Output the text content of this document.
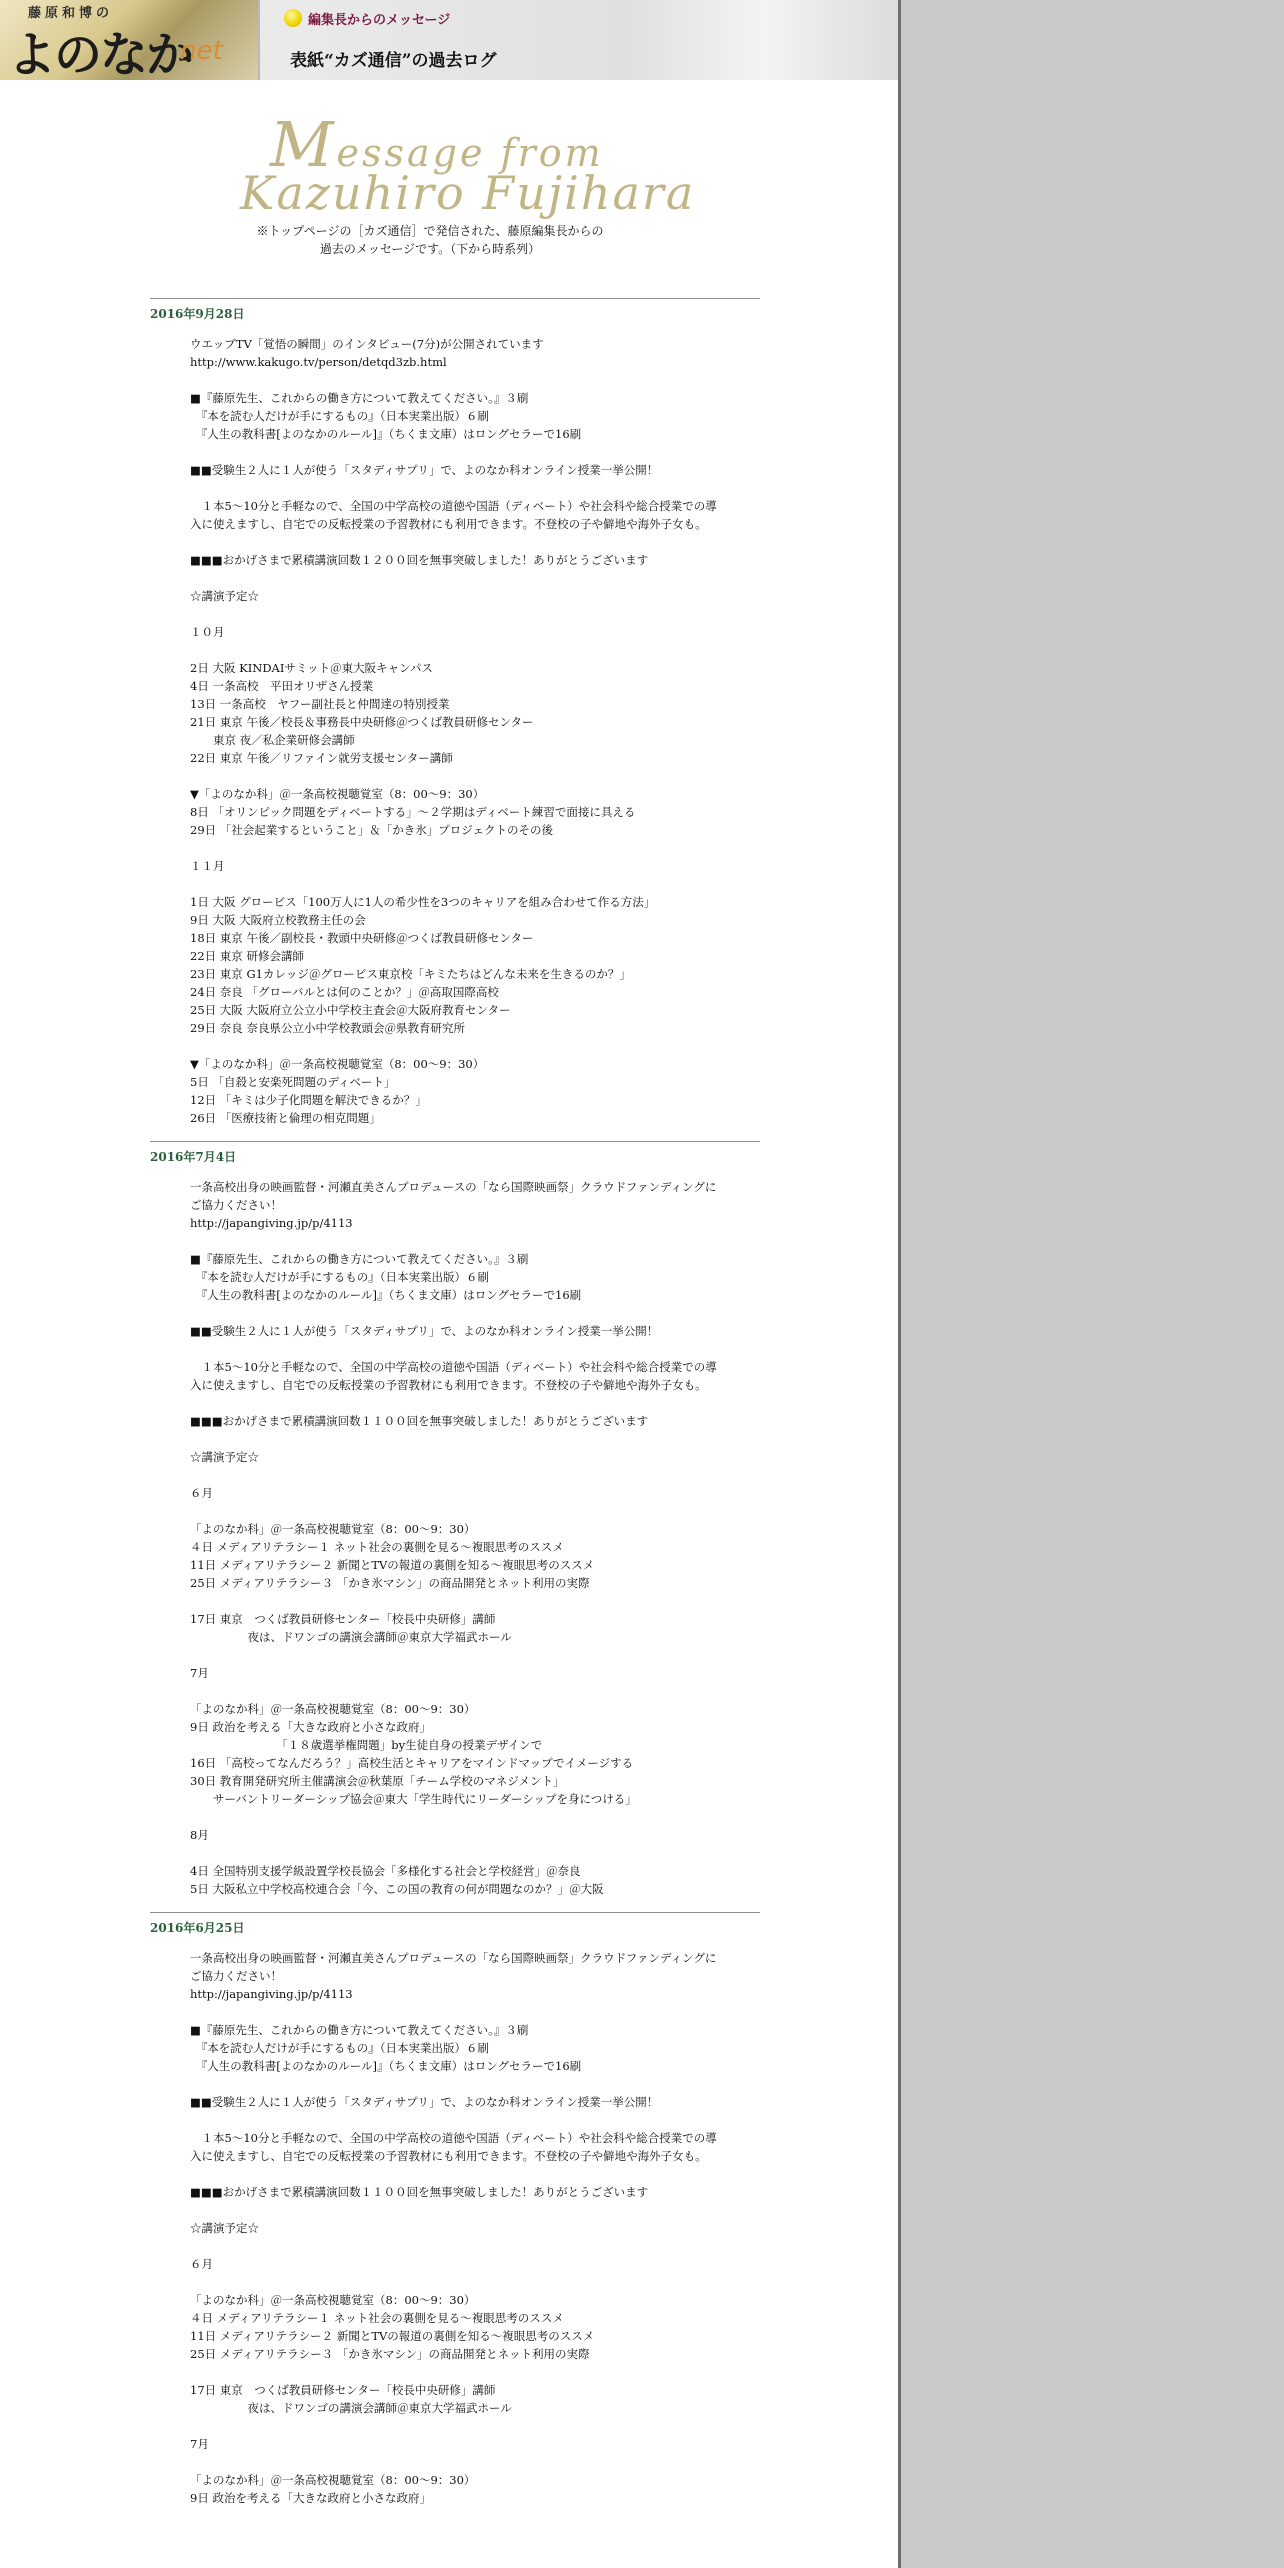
藤原和博の
よのなか
net
編集長からのメッセージ
表紙“カズ通信”の過去ログ
Message from
Kazuhiro Fujihara
※トップページの［カズ通信］で発信された、藤原編集長からの
過去のメッセージです。（下から時系列）
2016年9月28日
ウエッブTV「覚悟の瞬間」のインタビュー(7分)が公開されています
http://www.kakugo.tv/person/detqd3zb.html
■『藤原先生、これからの働き方について教えてください。』３刷
　『本を読む人だけが手にするもの』（日本実業出版）６刷
　『人生の教科書[よのなかのルール]』（ちくま文庫）はロングセラーで16刷
■■受験生２人に１人が使う「スタディサプリ」で、よのなか科オンライン授業一挙公開！
　１本5～10分と手軽なので、全国の中学高校の道徳や国語（ディベート）や社会科や総合授業での導入に使えますし、自宅での反転授業の予習教材にも利用できます。不登校の子や僻地や海外子女も。
■■■おかげさまで累積講演回数１２００回を無事突破しました！ありがとうございます
☆講演予定☆
１０月
2日 大阪 KINDAIサミット＠東大阪キャンパス
4日 一条高校　平田オリザさん授業
13日 一条高校　ヤフー副社長と仲間達の特別授業
21日 東京 午後／校長＆事務長中央研修＠つくば教員研修センター
　　東京 夜／私企業研修会講師
22日 東京 午後／リファイン就労支援センター講師
▼「よのなか科」＠一条高校視聴覚室（8：00～9：30）
8日 「オリンピック問題をディベートする」～２学期はディベート練習で面接に具える
29日 「社会起業するということ」＆「かき氷」プロジェクトのその後
１１月
1日 大阪 グロービス「100万人に1人の希少性を3つのキャリアを組み合わせて作る方法」
9日 大阪 大阪府立校教務主任の会
18日 東京 午後／副校長・教頭中央研修＠つくば教員研修センター
22日 東京 研修会講師
23日 東京 G1カレッジ＠グロービス東京校「キミたちはどんな未来を生きるのか？」
24日 奈良 「グローバルとは何のことか？」＠高取国際高校
25日 大阪 大阪府立公立小中学校主査会＠大阪府教育センター
29日 奈良 奈良県公立小中学校教頭会＠県教育研究所
▼「よのなか科」＠一条高校視聴覚室（8：00～9：30）
5日 「自殺と安楽死問題のディベート」
12日 「キミは少子化問題を解決できるか？」
26日 「医療技術と倫理の相克問題」
2016年7月4日
一条高校出身の映画監督・河瀬直美さんプロデュースの「なら国際映画祭」クラウドファンディングにご協力ください！
http://japangiving.jp/p/4113
■『藤原先生、これからの働き方について教えてください。』３刷
　『本を読む人だけが手にするもの』（日本実業出版）６刷
　『人生の教科書[よのなかのルール]』（ちくま文庫）はロングセラーで16刷
■■受験生２人に１人が使う「スタディサプリ」で、よのなか科オンライン授業一挙公開！
　１本5～10分と手軽なので、全国の中学高校の道徳や国語（ディベート）や社会科や総合授業での導入に使えますし、自宅での反転授業の予習教材にも利用できます。不登校の子や僻地や海外子女も。
■■■おかげさまで累積講演回数１１００回を無事突破しました！ありがとうございます
☆講演予定☆
６月
「よのなか科」＠一条高校視聴覚室（8：00～9：30）
４日 メディアリテラシー１ ネット社会の裏側を見る～複眼思考のススメ
11日 メディアリテラシー２ 新聞とTVの報道の裏側を知る～複眼思考のススメ
25日 メディアリテラシー３ 「かき氷マシン」の商品開発とネット利用の実際
17日 東京　つくば教員研修センター「校長中央研修」講師
　　　　　夜は、ドワンゴの講演会講師＠東京大学福武ホール
7月
「よのなか科」＠一条高校視聴覚室（8：00～9：30）
9日 政治を考える「大きな政府と小さな政府」
　　　　　　　　「１８歳選挙権問題」by生徒自身の授業デザインで
16日 「高校ってなんだろう？」高校生活とキャリアをマインドマップでイメージする
30日 教育開発研究所主催講演会＠秋葉原「チーム学校のマネジメント」
　　サーバントリーダーシップ協会＠東大「学生時代にリーダーシップを身につける」
8月
4日 全国特別支援学級設置学校長協会「多様化する社会と学校経営」＠奈良
5日 大阪私立中学校高校連合会「今、この国の教育の何が問題なのか？」＠大阪
2016年6月25日
一条高校出身の映画監督・河瀬直美さんプロデュースの「なら国際映画祭」クラウドファンディングにご協力ください！
http://japangiving.jp/p/4113
■『藤原先生、これからの働き方について教えてください。』３刷
　『本を読む人だけが手にするもの』（日本実業出版）６刷
　『人生の教科書[よのなかのルール]』（ちくま文庫）はロングセラーで16刷
■■受験生２人に１人が使う「スタディサプリ」で、よのなか科オンライン授業一挙公開！
　１本5～10分と手軽なので、全国の中学高校の道徳や国語（ディベート）や社会科や総合授業での導入に使えますし、自宅での反転授業の予習教材にも利用できます。不登校の子や僻地や海外子女も。
■■■おかげさまで累積講演回数１１００回を無事突破しました！ありがとうございます
☆講演予定☆
６月
「よのなか科」＠一条高校視聴覚室（8：00～9：30）
４日 メディアリテラシー１ ネット社会の裏側を見る～複眼思考のススメ
11日 メディアリテラシー２ 新聞とTVの報道の裏側を知る～複眼思考のススメ
25日 メディアリテラシー３ 「かき氷マシン」の商品開発とネット利用の実際
17日 東京　つくば教員研修センター「校長中央研修」講師
　　　　　夜は、ドワンゴの講演会講師＠東京大学福武ホール
7月
「よのなか科」＠一条高校視聴覚室（8：00～9：30）
9日 政治を考える「大きな政府と小さな政府」
